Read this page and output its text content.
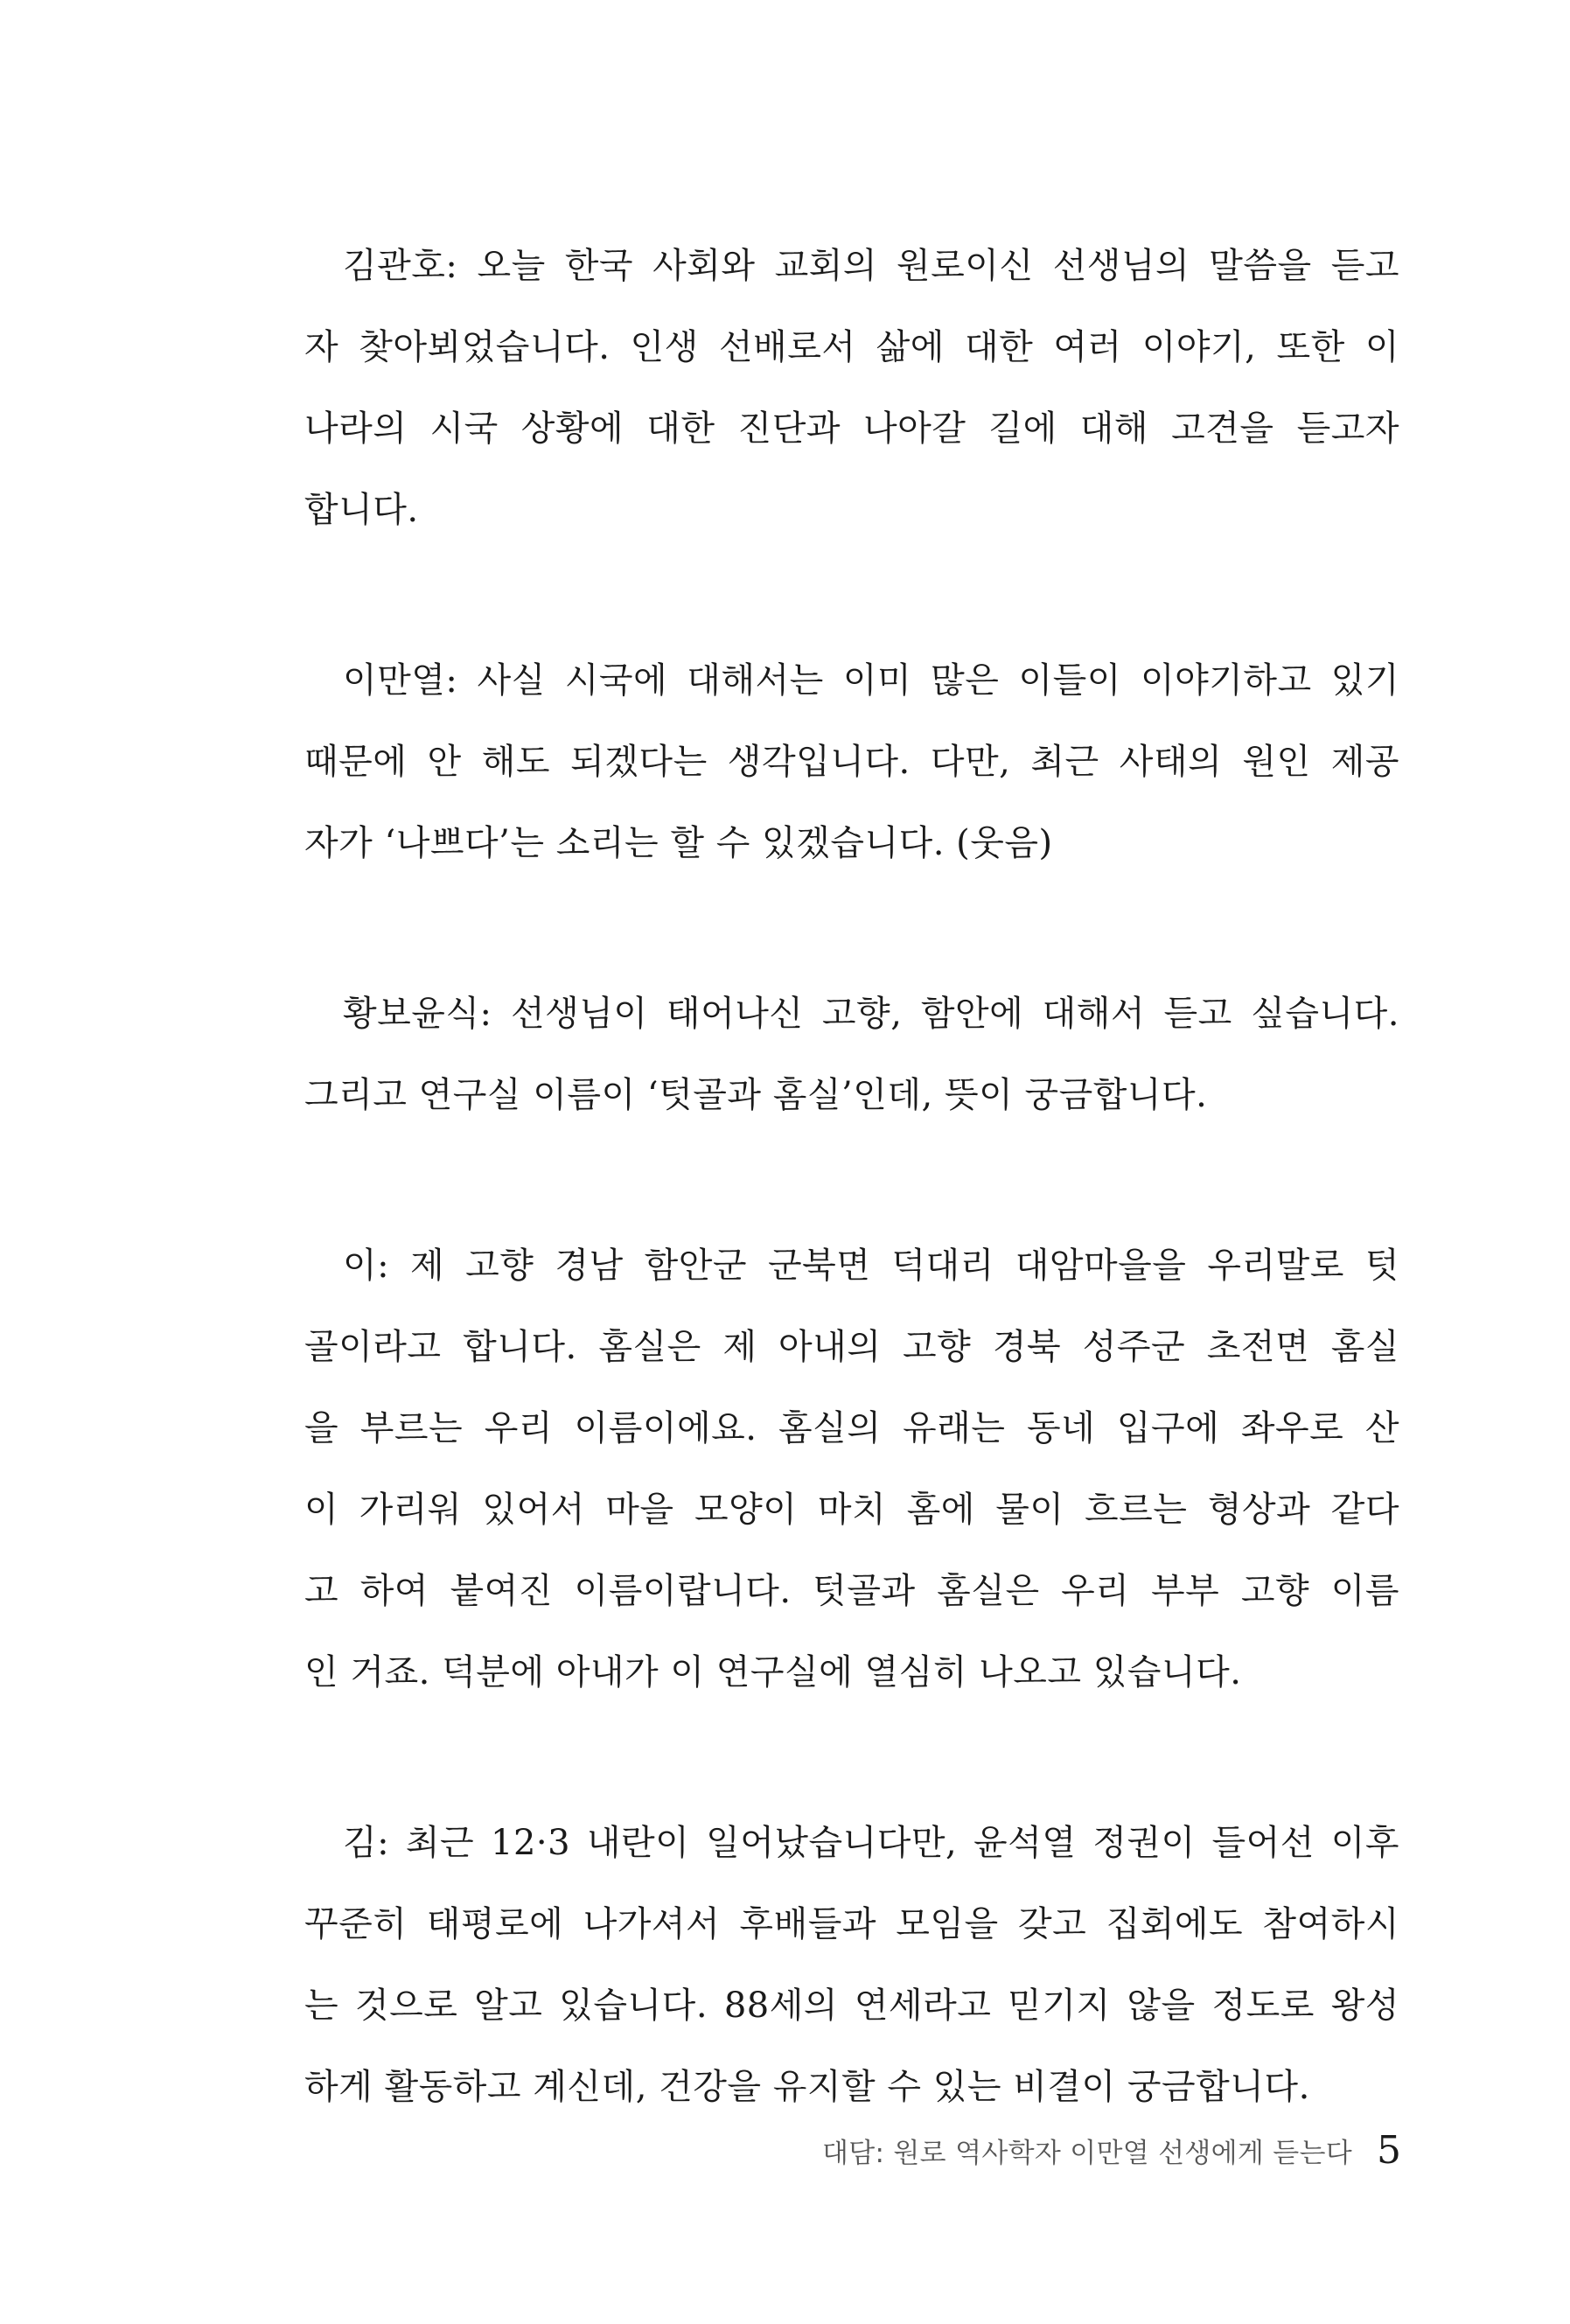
김관호: 오늘 한국 사회와 교회의 원로이신 선생님의 말씀을 듣고
자 찾아뵈었습니다. 인생 선배로서 삶에 대한 여러 이야기, 또한 이
나라의 시국 상황에 대한 진단과 나아갈 길에 대해 고견을 듣고자
합니다.

이만열: 사실 시국에 대해서는 이미 많은 이들이 이야기하고 있기
때문에 안 해도 되겠다는 생각입니다. 다만, 최근 사태의 원인 제공
자가 ‘나쁘다’는 소리는 할 수 있겠습니다. (웃음)

황보윤식: 선생님이 태어나신 고향, 함안에 대해서 듣고 싶습니다.
그리고 연구실 이름이 ‘텃골과 홈실’인데, 뜻이 궁금합니다.

이: 제 고향 경남 함안군 군북면 덕대리 대암마을을 우리말로 텃
골이라고 합니다. 홈실은 제 아내의 고향 경북 성주군 초전면 홈실
을 부르는 우리 이름이에요. 홈실의 유래는 동네 입구에 좌우로 산
이 가리워 있어서 마을 모양이 마치 홈에 물이 흐르는 형상과 같다
고 하여 붙여진 이름이랍니다. 텃골과 홈실은 우리 부부 고향 이름
인 거죠. 덕분에 아내가 이 연구실에 열심히 나오고 있습니다.

김: 최근 12·3 내란이 일어났습니다만, 윤석열 정권이 들어선 이후
꾸준히 태평로에 나가셔서 후배들과 모임을 갖고 집회에도 참여하시
는 것으로 알고 있습니다. 88세의 연세라고 믿기지 않을 정도로 왕성
하게 활동하고 계신데, 건강을 유지할 수 있는 비결이 궁금합니다.

대담: 원로 역사학자 이만열 선생에게 듣는다 5
